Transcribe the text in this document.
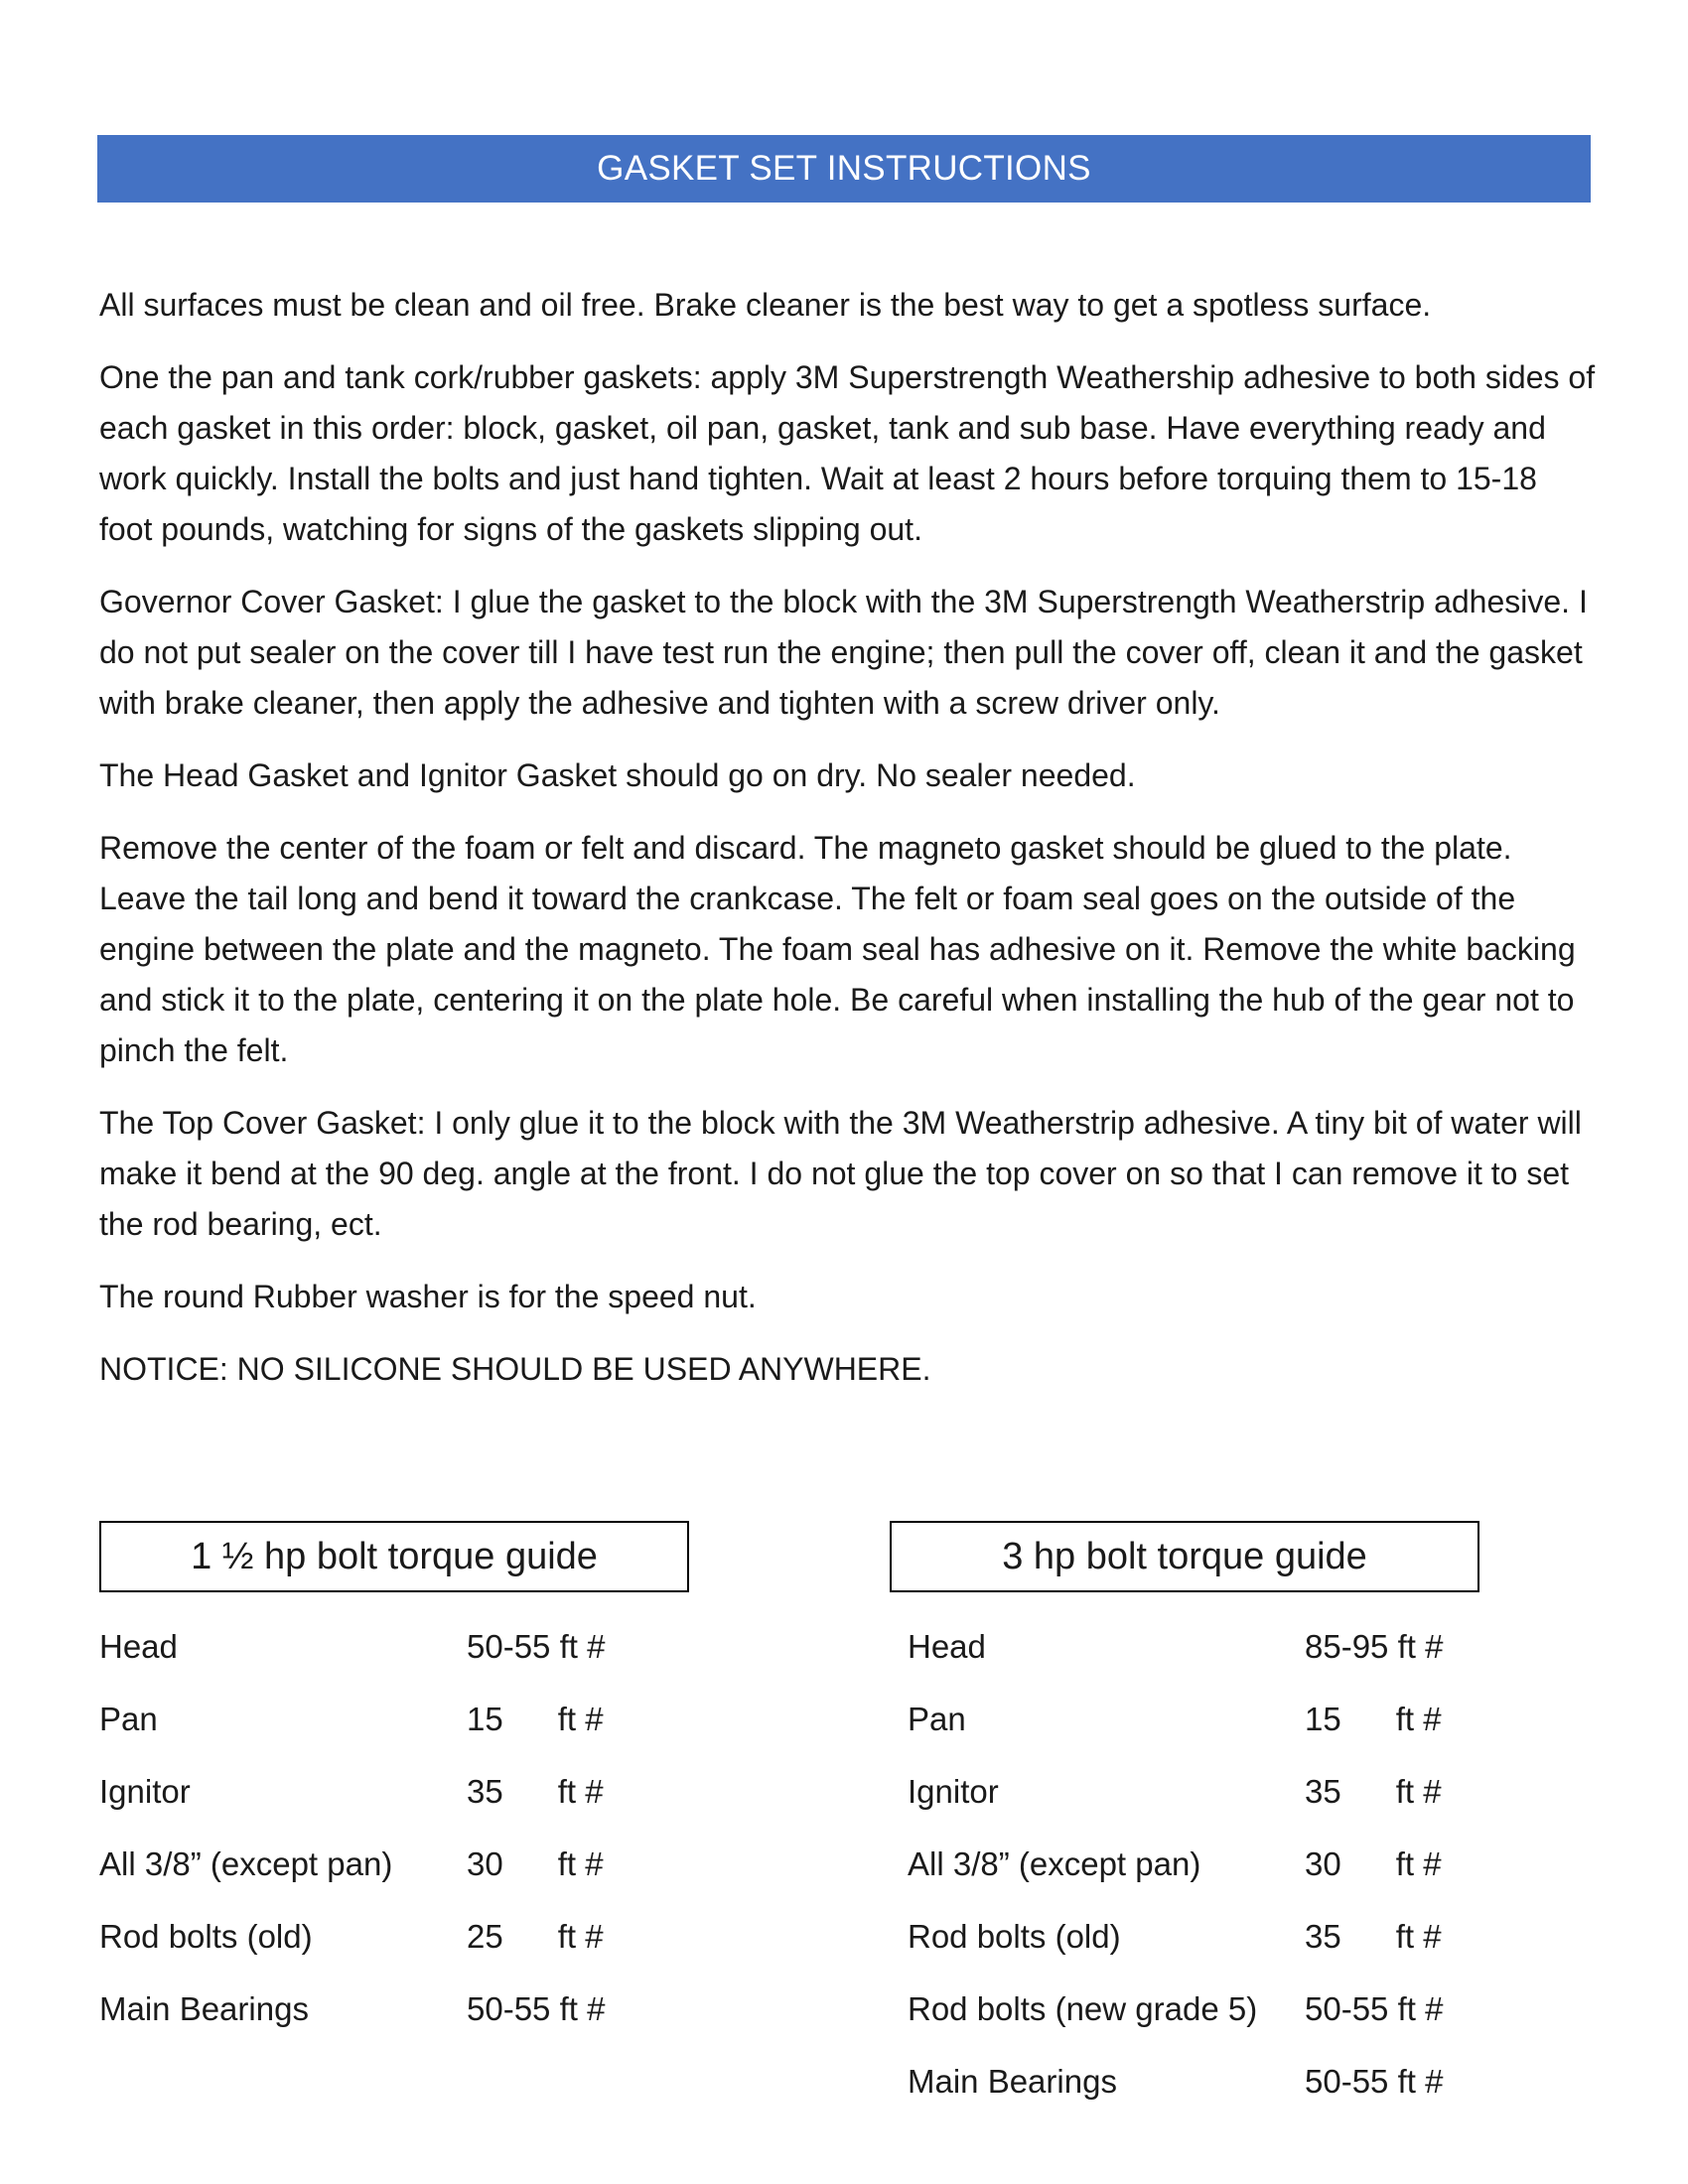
GASKET SET INSTRUCTIONS

All surfaces must be clean and oil free. Brake cleaner is the best way to get a spotless surface.

One the pan and tank cork/rubber gaskets: apply 3M Superstrength Weathership adhesive to both sides of each gasket in this order: block, gasket, oil pan, gasket, tank and sub base. Have everything ready and work quickly. Install the bolts and just hand tighten. Wait at least 2 hours before torquing them to 15-18 foot pounds, watching for signs of the gaskets slipping out.

Governor Cover Gasket: I glue the gasket to the block with the 3M Superstrength Weatherstrip adhesive. I do not put sealer on the cover till I have test run the engine; then pull the cover off, clean it and the gasket with brake cleaner, then apply the adhesive and tighten with a screw driver only.

The Head Gasket and Ignitor Gasket should go on dry. No sealer needed.

Remove the center of the foam or felt and discard. The magneto gasket should be glued to the plate. Leave the tail long and bend it toward the crankcase. The felt or foam seal goes on the outside of the engine between the plate and the magneto. The foam seal has adhesive on it. Remove the white backing and stick it to the plate, centering it on the plate hole. Be careful when installing the hub of the gear not to pinch the felt.

The Top Cover Gasket: I only glue it to the block with the 3M Weatherstrip adhesive. A tiny bit of water will make it bend at the 90 deg. angle at the front. I do not glue the top cover on so that I can remove it to set the rod bearing, ect.

The round Rubber washer is for the speed nut.

NOTICE: NO SILICONE SHOULD BE USED ANYWHERE.

1 ½ hp bolt torque guide
Head	50-55 ft #
Pan	15      ft #
Ignitor	35      ft #
All 3/8” (except pan) 30      ft #
Rod bolts (old)	25      ft #
Main Bearings	50-55 ft #
3 hp bolt torque guide
Head	85-95 ft #
Pan	15      ft #
Ignitor	35      ft #
All 3/8” (except pan)	30      ft #
Rod bolts (old)	35      ft #
Rod bolts (new grade 5) 50-55 ft #
Main Bearings	50-55 ft #
